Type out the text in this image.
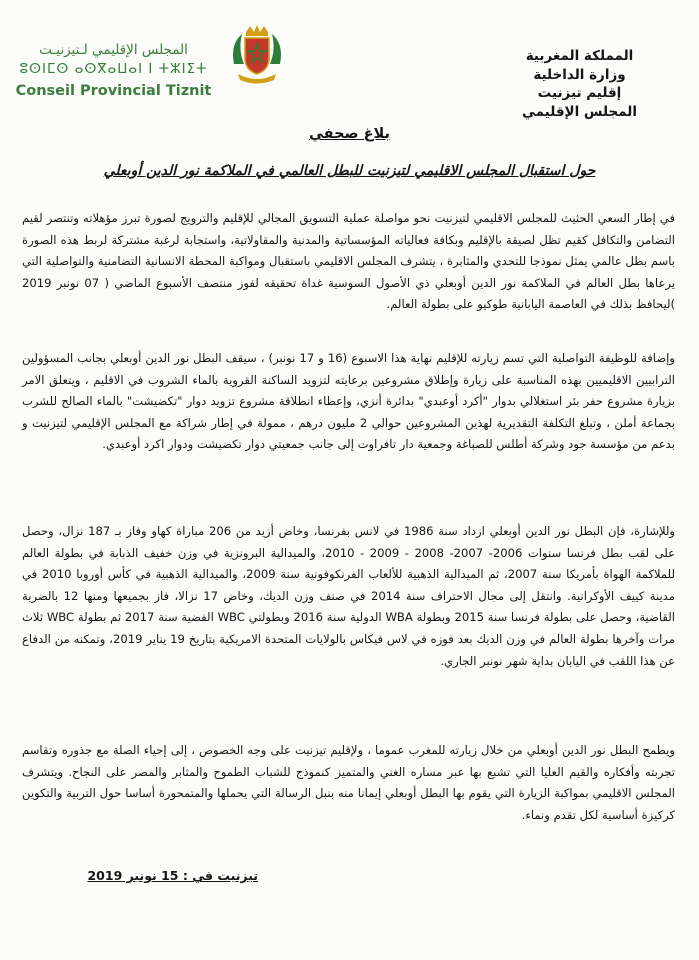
المجلس الإقليمي لـتيزنيـت
ⵓⵙⵏⵎⵙ ⴰⵙⴳⴰⵡⴰⵏ ⵏ ⵜⵣⵏⵉⵜ
Conseil Provincial Tiznit
المملكة المغربية
وزارة الداخلية
إقليم تيزنيت
المجلس الإقليمي
بلاغ صحفي
حول استقبال المجلس الاقليمي لتيزنيت للبطل العالمي في الملاكمة نور الدين أوبعلي
في إطار السعي الحثيث للمجلس الاقليمي لتيزنيت نحو مواصلة عملية التسويق المجالي للإقليم والترويج لصورة تبرز مؤهلاته وتنتصر لقيم التضامن والتكافل كقيم تظل لصيقة بالإقليم وبكافة فعالياته المؤسساتية والمدنية والمقاولاتية، واستجابة لرغبة مشتركة لربط هذه الصورة باسم بطل عالمي يمثل نموذجا للتحدي والمثابرة ، يتشرف المجلس الاقليمي باستقبال ومواكبة المحطة الانسانية التضامنية والتواصلية التي يرعاها بطل العالم في الملاكمة نور الدين أوبعلي ذي الأصول السوسية غداة تحقيقه لفوز منتصف الأسبوع الماضي ( 07 نونبر 2019 )ليحافظ بذلك في العاصمة اليابانية طوكيو على بطولة العالم.
وإضافة للوظيفة التواصلية التي تسم زيارته للإقليم نهاية هذا الاسبوع (16 و 17 نونبر) ، سيقف البطل نور الدين أوبعلي بجانب المسؤولين الترابيين الاقليميين بهذه المناسبة على زيارة وإطلاق مشروعين برعايته لتزويد الساكنة القروية بالماء الشروب في الاقليم ، ويتعلق الامر بزيارة مشروع حفر بئر استغلالي بدوار "أكرد أوعبدي" بدائرة أنزي، وإعطاء انطلاقة مشروع تزويد دوار "تكضيشت" بالماء الصالح للشرب بجماعة أملن ، وتبلغ التكلفة التقديرية لهذين المشروعين حوالي 2 مليون درهم ، ممولة في إطار شراكة مع المجلس الإقليمي لتيزنيت و بدعم من مؤسسة جود وشركة أطلس للصباغة وجمعية دار تافراوت إلى جانب جمعيتي دوار تكضيشت ودوار اكرد أوعبدي.
وللإشارة، فإن البطل نور الدين أوبعلي ازداد سنة 1986 في لانس بفرنسا، وخاض أزيد من 206 مباراة كهاو وفاز بـ 187 نزال، وحصل على لقب بطل فرنسا سنوات 2006- 2007- 2008 - 2009 - 2010، والميدالية البرونزية في وزن خفيف الذبابة في بطولة العالم للملاكمة الهواة بأمريكا سنة 2007، ثم الميدالية الذهبية للألعاب الفرنكوفونية سنة 2009، والميدالية الذهبية في كأس أوروبا 2010 في مدينة كييف الأوكرانية. وانتقل إلى مجال الاحتراف سنة 2014 في صنف وزن الديك، وخاض 17 نزالا، فاز بجميعها ومنها 12 بالضربة القاضية، وحصل على بطولة فرنسا سنة 2015 وبطولة WBA الدولية سنة 2016 وبطولتي WBC الفضية سنة 2017 ثم بطولة WBC ثلاث مرات وآخرها بطولة العالم في وزن الديك بعد فوزه في لاس فيكاس بالولايات المتحدة الامريكية بتاريخ 19 يناير 2019، وتمكنه من الدفاع عن هذا اللقب في اليابان بداية شهر نونبر الجاري.
ويطمح البطل نور الدين أوبعلي من خلال زيارته للمغرب عموما ، ولإقليم تيزنيت على وجه الخصوص ، إلى إحياء الصلة مع جذوره وتقاسم تجربته وأفكاره والقيم العليا التي تشبع بها عبر مساره الغني والمتميز كنموذج للشباب الطموح والمثابر والمصر على النجاح. ويتشرف المجلس الاقليمي بمواكبة الزيارة التي يقوم بها البطل أوبعلي إيمانا منه بنبل الرسالة التي يحملها والمتمحورة أساسا حول التربية والتكوين كركيزة أساسية لكل تقدم ونماء.
تيزنيت في : 15 نونبر 2019
